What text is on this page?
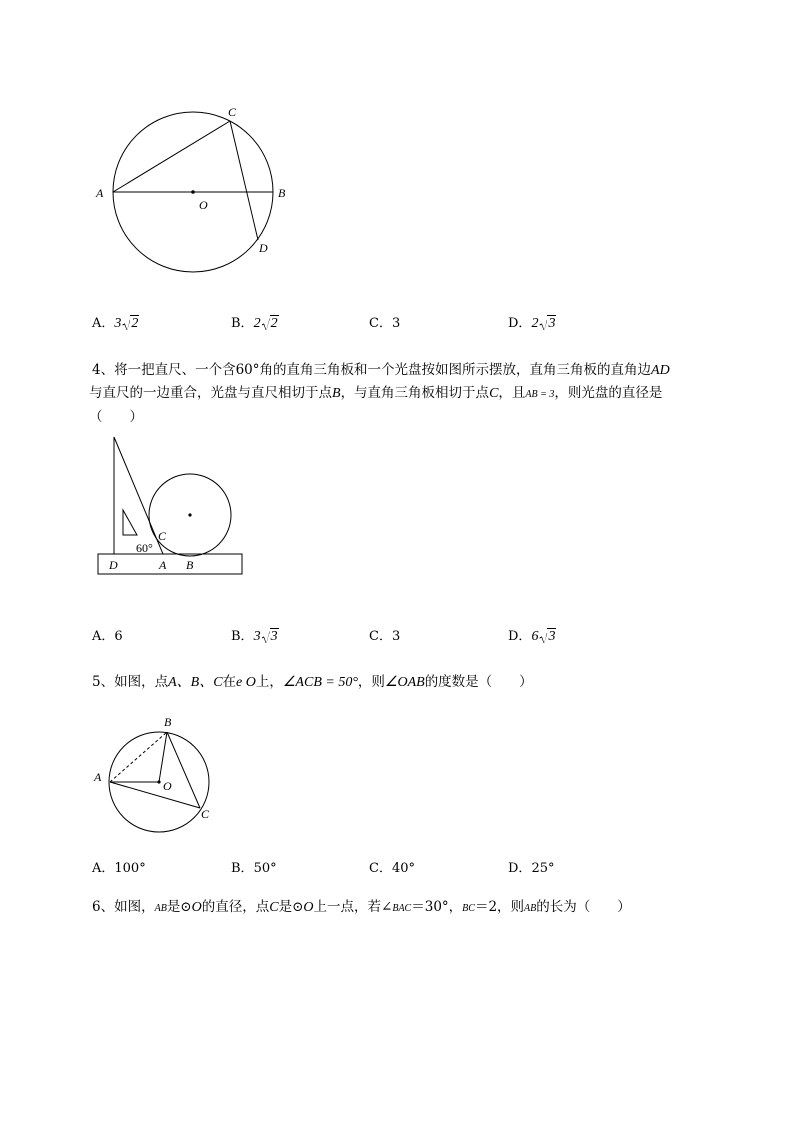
A	B
C
D
O
A．3 2	B．2 2	C．3	D．2 3
4、将一把直尺、一个含60°角的直角三角板和一个光盘按如图所示摆放，直角三角板的直角边AD
与直尺的一边重合，光盘与直尺相切于点B，与直角三角板相切于点C，且AB = 3，则光盘的直径是
（　　）
60°
C
D	A B
A．6	B．3 3	C．3	D．6 3
5、如图，点A、B、C在e O上，∠ACB = 50°，则∠OAB的度数是（　　）
A
B
C
O
A．100°	B．50°	C．40°	D．25°
6、如图，AB是⊙O的直径，点C是⊙O上一点，若∠BAC＝30°，BC＝2，则AB的长为（　　）
